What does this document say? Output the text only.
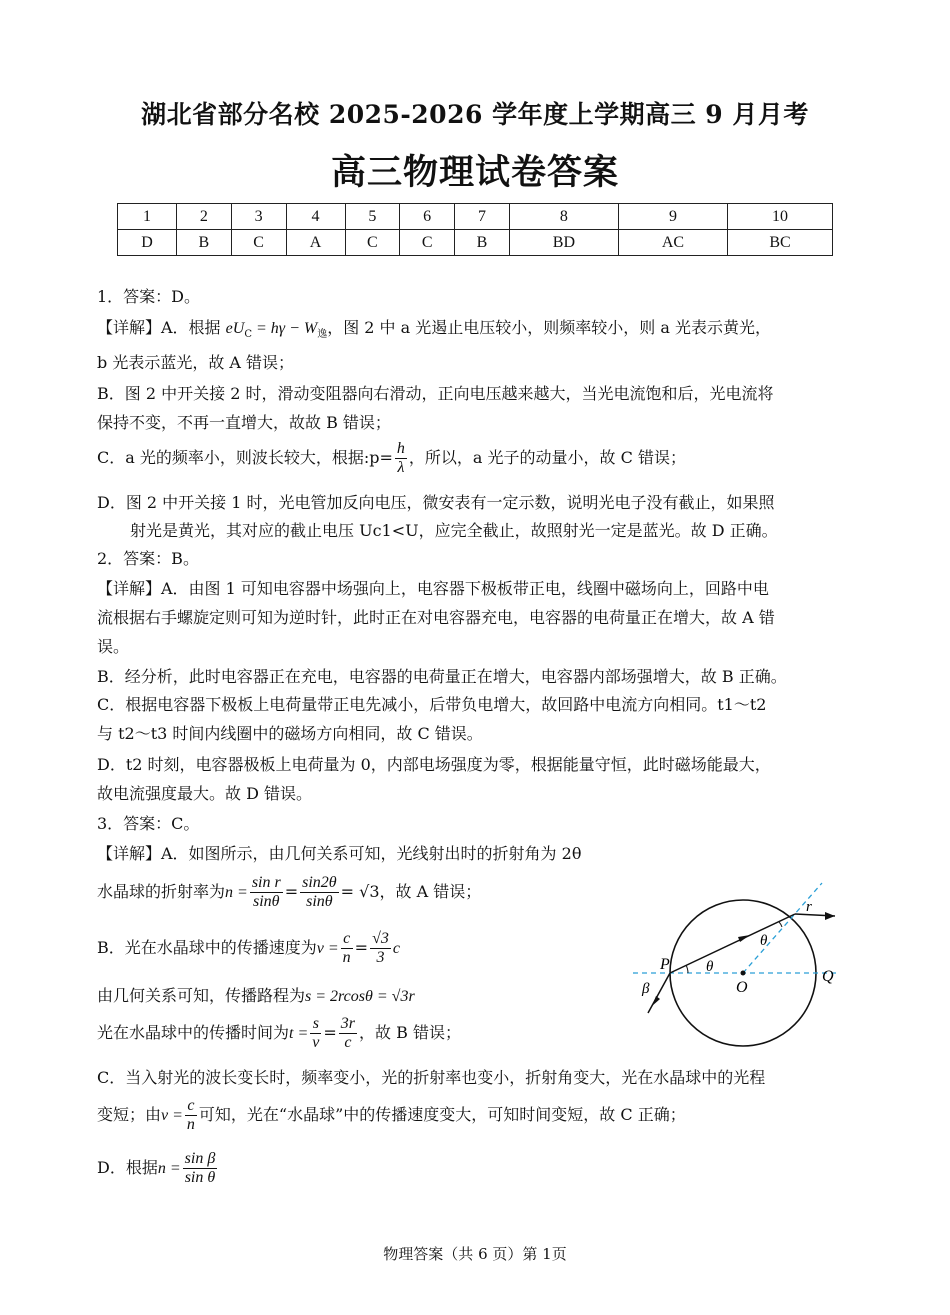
湖北省部分名校 2025-2026 学年度上学期高三 9 月月考
高三物理试卷答案
1	2	3	4	5	6	7	8	9	10
D	B	C	A	C	C	B	BD	AC	BC
1．答案：D。
【详解】A．根据 $eU_C = h\gamma - W_逸$，图 2 中 a 光遏止电压较小，则频率较小，则 a 光表示黄光，
b 光表示蓝光，故 A 错误；
B．图 2 中开关接 2 时，滑动变阻器向右滑动，正向电压越来越大，当光电流饱和后，光电流将
保持不变，不再一直增大，故故 B 错误；
C．a 光的频率小，则波长较大，根据:p= $\frac{h}{\lambda}$ ，所以，a 光子的动量小，故 C 错误；
D．图 2 中开关接 1 时，光电管加反向电压，微安表有一定示数，说明光电子没有截止，如果照
射光是黄光，其对应的截止电压 Uc1<U，应完全截止，故照射光一定是蓝光。故 D 正确。
2．答案：B。
【详解】A．由图 1 可知电容器中场强向上，电容器下极板带正电，线圈中磁场向上，回路中电
流根据右手螺旋定则可知为逆时针，此时正在对电容器充电，电容器的电荷量正在增大，故 A 错
误。
B．经分析，此时电容器正在充电，电容器的电荷量正在增大，电容器内部场强增大，故 B 正确。
C．根据电容器下极板上电荷量带正电先减小，后带负电增大，故回路中电流方向相同。t1～t2
与 t2～t3 时间内线圈中的磁场方向相同，故 C 错误。
D．t2 时刻，电容器极板上电荷量为 0，内部电场强度为零，根据能量守恒，此时磁场能最大，
故电流强度最大。故 D 错误。
3．答案：C。
【详解】A．如图所示，由几何关系可知，光线射出时的折射角为 2θ
水晶球的折射率为$n = \frac{\text{sin r}}{\sin\theta} = \frac{\sin 2\theta}{\sin\theta} = √3$，故 A 错误；
B．光在水晶球中的传播速度为$v = \frac{c}{n} = \frac{√3}{3}$ c
由几何关系可知，传播路程为s = 2rcosθ = √3r
光在水晶球中的传播时间为$t = \frac{s}{v} = \frac{3r}{c}$ ，故 B 错误；
C．当入射光的波长变长时，频率变小，光的折射率也变小，折射角变大，光在水晶球中的光程
变短；由$v = \frac{c}{n}$ 可知，光在“水晶球”中的传播速度变大，可知时间变短，故 C 正确；
D．根据$n = \frac{\text{sin β}}{\text{sin θ}}$
P
O
Q
β
θ
θ
r
物理答案（共 6 页）第 1页
